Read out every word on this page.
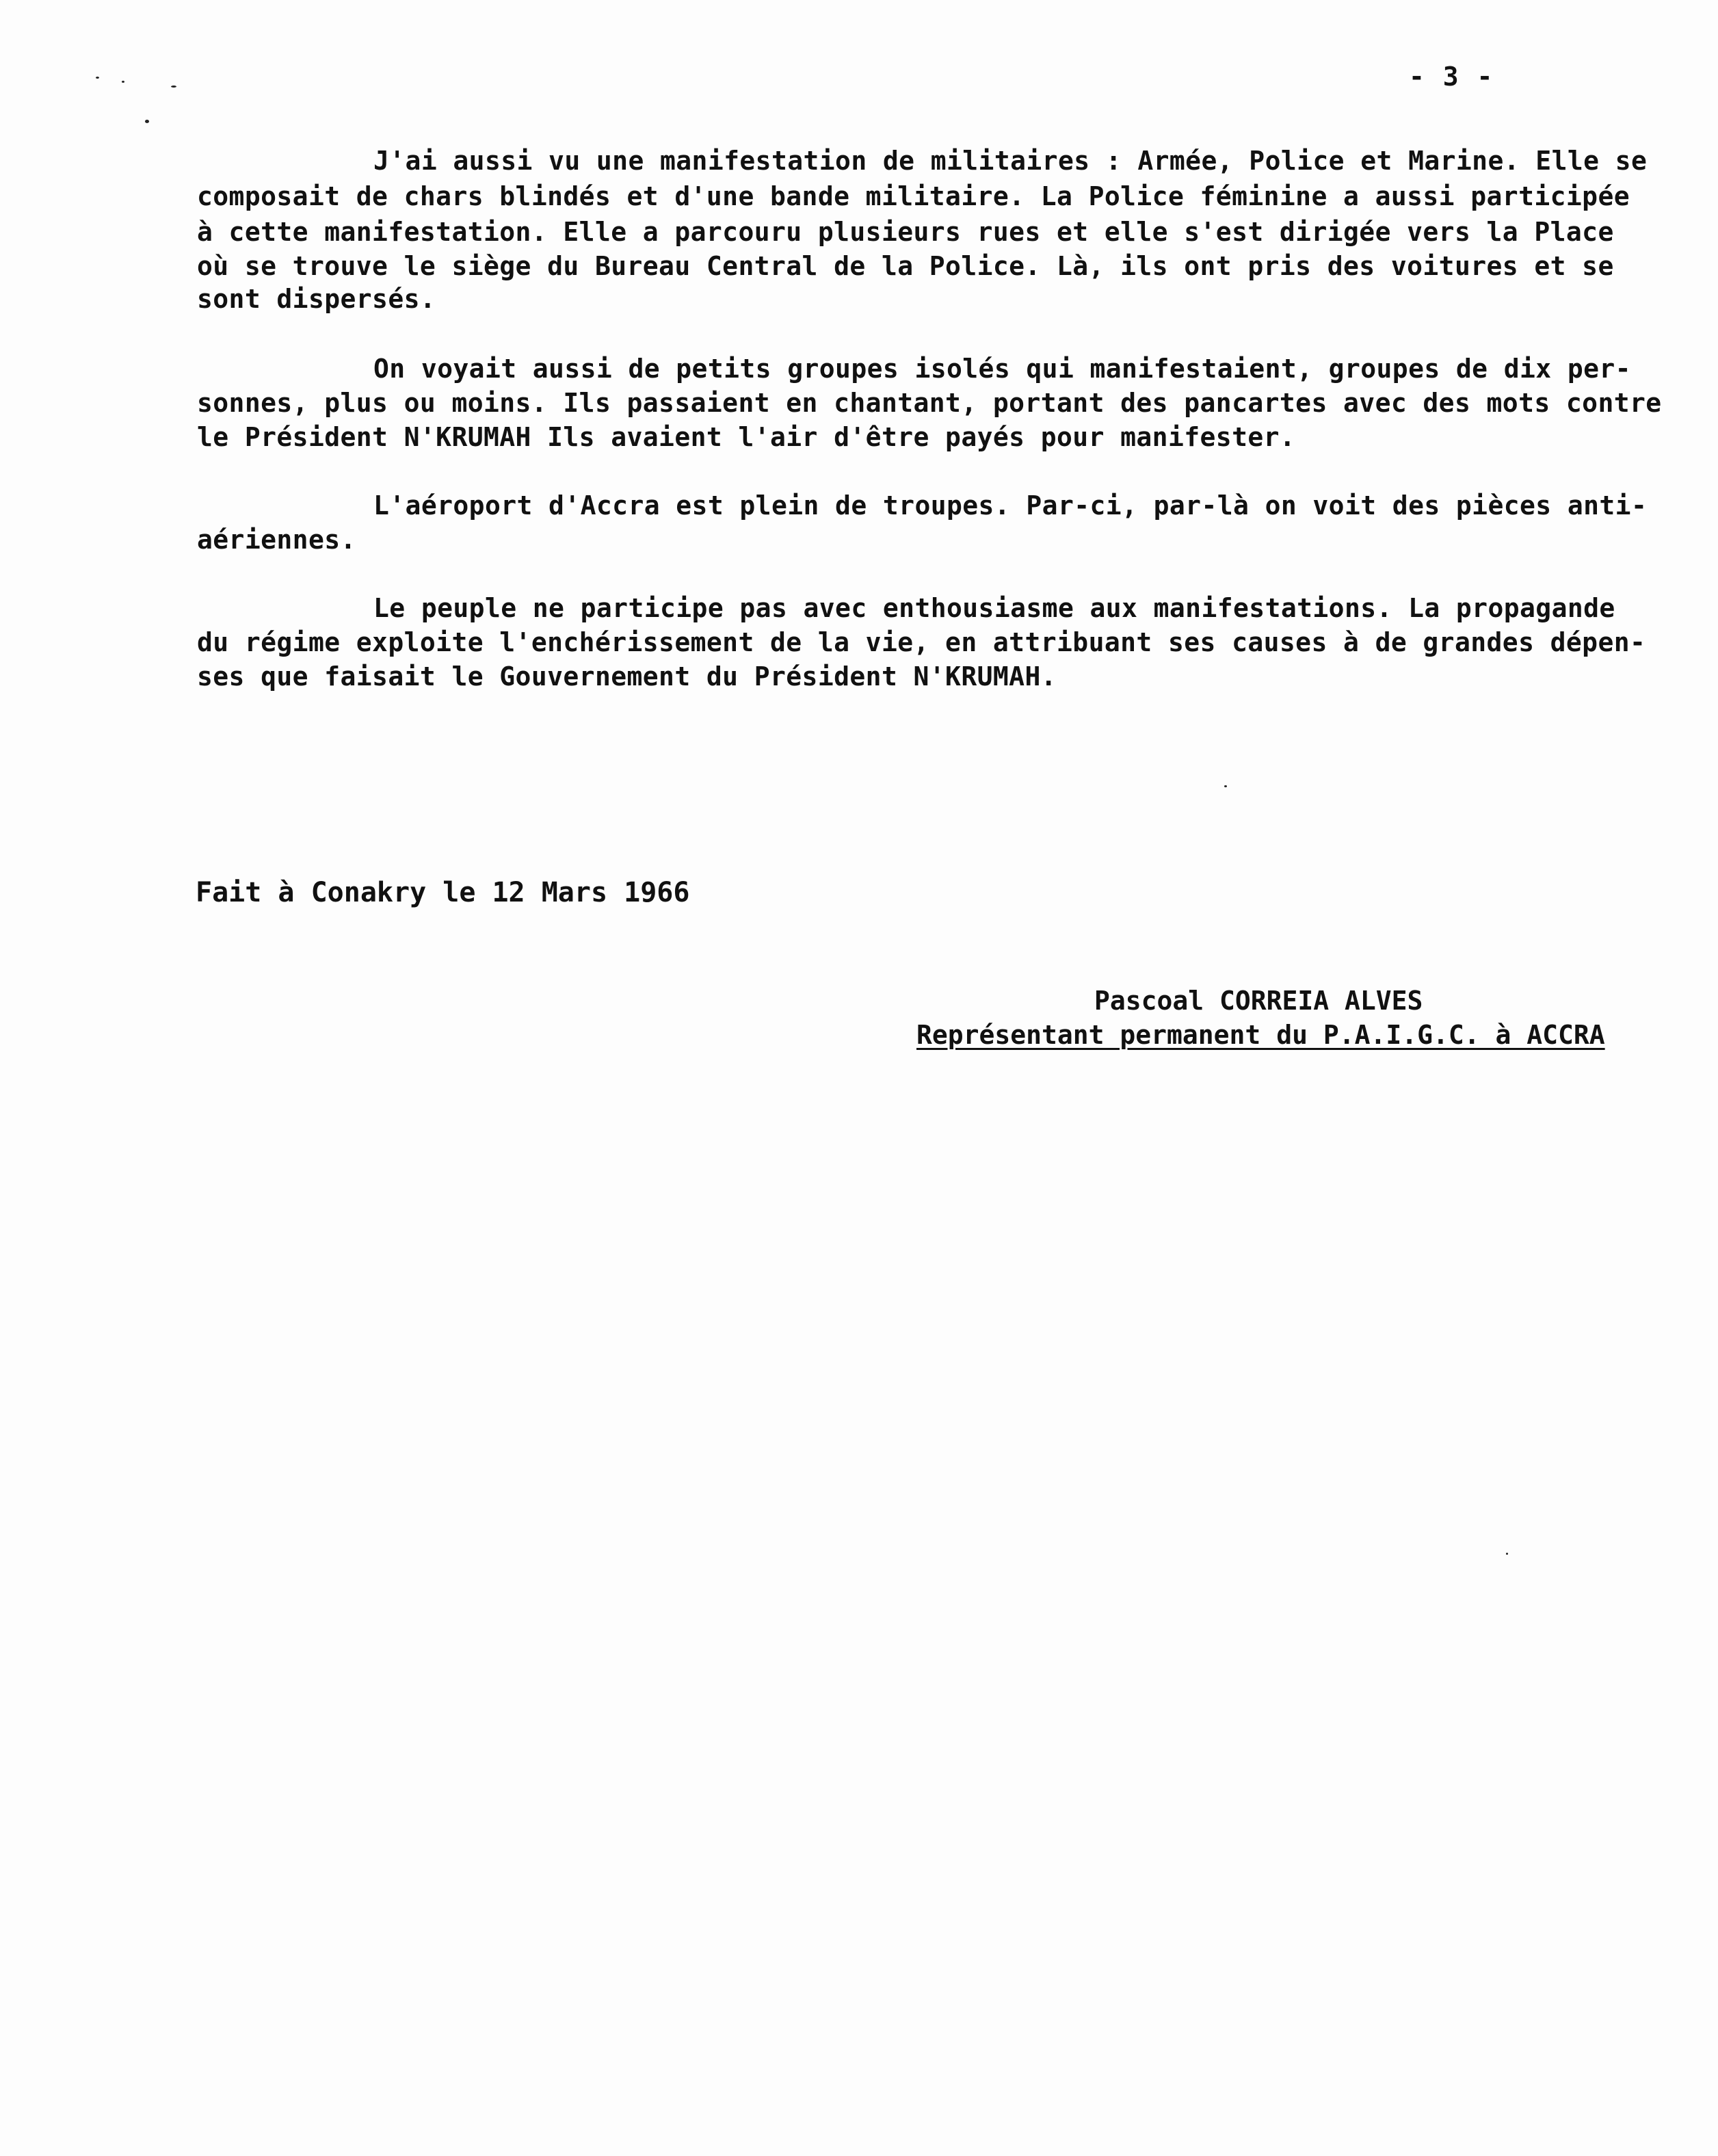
- 3 -
J'ai aussi vu une manifestation de militaires : Armée, Police et Marine. Elle se
composait de chars blindés et d'une bande militaire. La Police féminine a aussi participée
à cette manifestation. Elle a parcouru plusieurs rues et elle s'est dirigée vers la Place
où se trouve le siège du Bureau Central de la Police. Là, ils ont pris des voitures et se
sont dispersés.
On voyait aussi de petits groupes isolés qui manifestaient, groupes de dix per-
sonnes, plus ou moins. Ils passaient en chantant, portant des pancartes avec des mots contre
le Président N'KRUMAH Ils avaient l'air d'être payés pour manifester.
L'aéroport d'Accra est plein de troupes. Par-ci, par-là on voit des pièces anti-
aériennes.
Le peuple ne participe pas avec enthousiasme aux manifestations. La propagande
du régime exploite l'enchérissement de la vie, en attribuant ses causes à de grandes dépen-
ses que faisait le Gouvernement du Président N'KRUMAH.
Fait à Conakry le 12 Mars 1966
Pascoal CORREIA ALVES
Représentant permanent du P.A.I.G.C. à ACCRA
